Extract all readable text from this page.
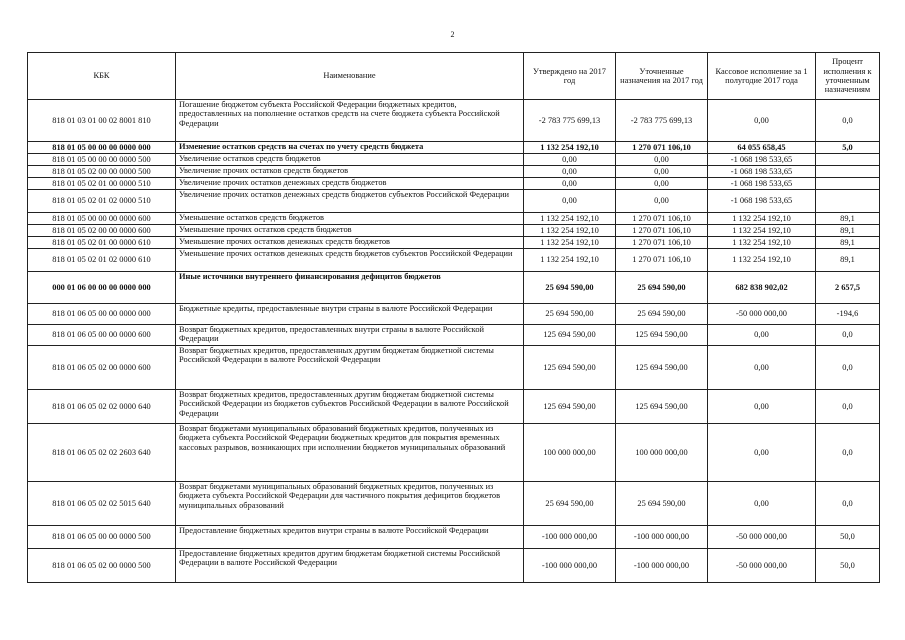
2
КБК	Наименование	Утверждено на 2017 год	Уточненные назначения на 2017 год	Кассовое исполнение за 1 полугодие 2017 года	Процент исполнения к уточненным назначениям
818 01 03 01 00 02 8001 810	Погашение бюджетом субъекта Российской Федерации бюджетных кредитов, предоставленных на пополнение остатков средств на счете бюджета субъекта Российской Федерации	-2 783 775 699,13	-2 783 775 699,13	0,00	0,0
818 01 05 00 00 00 0000 000	Изменение остатков средств на счетах по учету средств бюджета	1 132 254 192,10	1 270 071 106,10	64 055 658,45	5,0
818 01 05 00 00 00 0000 500	Увеличение остатков средств бюджетов	0,00	0,00	-1 068 198 533,65	
818 01 05 02 00 00 0000 500	Увеличение прочих остатков средств бюджетов	0,00	0,00	-1 068 198 533,65	
818 01 05 02 01 00 0000 510	Увеличение прочих остатков денежных средств бюджетов	0,00	0,00	-1 068 198 533,65	
818 01 05 02 01 02 0000 510	Увеличение прочих остатков денежных средств бюджетов субъектов Российской Федерации	0,00	0,00	-1 068 198 533,65	
818 01 05 00 00 00 0000 600	Уменьшение остатков средств бюджетов	1 132 254 192,10	1 270 071 106,10	1 132 254 192,10	89,1
818 01 05 02 00 00 0000 600	Уменьшение прочих остатков средств бюджетов	1 132 254 192,10	1 270 071 106,10	1 132 254 192,10	89,1
818 01 05 02 01 00 0000 610	Уменьшение прочих остатков денежных средств бюджетов	1 132 254 192,10	1 270 071 106,10	1 132 254 192,10	89,1
818 01 05 02 01 02 0000 610	Уменьшение прочих остатков денежных средств бюджетов субъектов Российской Федерации	1 132 254 192,10	1 270 071 106,10	1 132 254 192,10	89,1
000 01 06 00 00 00 0000 000	Иные источники внутреннего финансирования дефицитов бюджетов	25 694 590,00	25 694 590,00	682 838 902,02	2 657,5
818 01 06 05 00 00 0000 000	Бюджетные кредиты, предоставленные внутри страны в валюте Российской Федерации	25 694 590,00	25 694 590,00	-50 000 000,00	-194,6
818 01 06 05 00 00 0000 600	Возврат бюджетных кредитов, предоставленных внутри страны в валюте Российской Федерации	125 694 590,00	125 694 590,00	0,00	0,0
818 01 06 05 02 00 0000 600	Возврат бюджетных кредитов, предоставленных другим бюджетам бюджетной системы Российской Федерации в валюте Российской Федерации	125 694 590,00	125 694 590,00	0,00	0,0
818 01 06 05 02 02 0000 640	Возврат бюджетных кредитов, предоставленных другим бюджетам бюджетной системы Российской Федерации из бюджетов субъектов Российской Федерации в валюте Российской Федерации	125 694 590,00	125 694 590,00	0,00	0,0
818 01 06 05 02 02 2603 640	Возврат бюджетами муниципальных образований бюджетных кредитов, полученных из бюджета субъекта Российской Федерации бюджетных кредитов для покрытия временных кассовых разрывов, возникающих при исполнении бюджетов муниципальных образований	100 000 000,00	100 000 000,00	0,00	0,0
818 01 06 05 02 02 5015 640	Возврат бюджетами муниципальных образований бюджетных кредитов, полученных из бюджета субъекта Российской Федерации для частичного покрытия дефицитов бюджетов муниципальных образований	25 694 590,00	25 694 590,00	0,00	0,0
818 01 06 05 00 00 0000 500	Предоставление бюджетных кредитов внутри страны в валюте Российской Федерации	-100 000 000,00	-100 000 000,00	-50 000 000,00	50,0
818 01 06 05 02 00 0000 500	Предоставление бюджетных кредитов другим бюджетам бюджетной системы Российской Федерации в валюте Российской Федерации	-100 000 000,00	-100 000 000,00	-50 000 000,00	50,0
